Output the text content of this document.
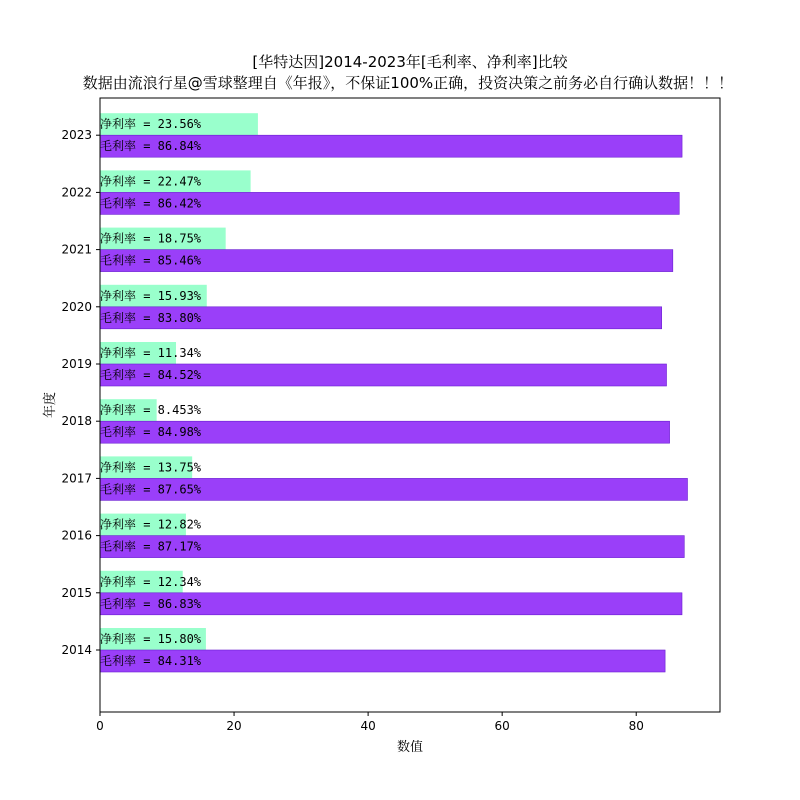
[华特达因]2014-2023年[毛利率、净利率]比较
数据由流浪行星@雪球整理自《年报》，不保证100%正确，投资决策之前务必自行确认数据！！！
净利率 = 15.80%
毛利率 = 84.31%
净利率 = 12.34%
毛利率 = 86.83%
净利率 = 12.82%
毛利率 = 87.17%
净利率 = 13.75%
毛利率 = 87.65%
净利率 = 8.453%
毛利率 = 84.98%
净利率 = 11.34%
毛利率 = 84.52%
净利率 = 15.93%
毛利率 = 83.80%
净利率 = 18.75%
毛利率 = 85.46%
净利率 = 22.47%
毛利率 = 86.42%
净利率 = 23.56%
毛利率 = 86.84%
2014
2015
2016
2017
2018
2019
2020
2021
2022
2023
0	20	40	60	80
数值
年度
